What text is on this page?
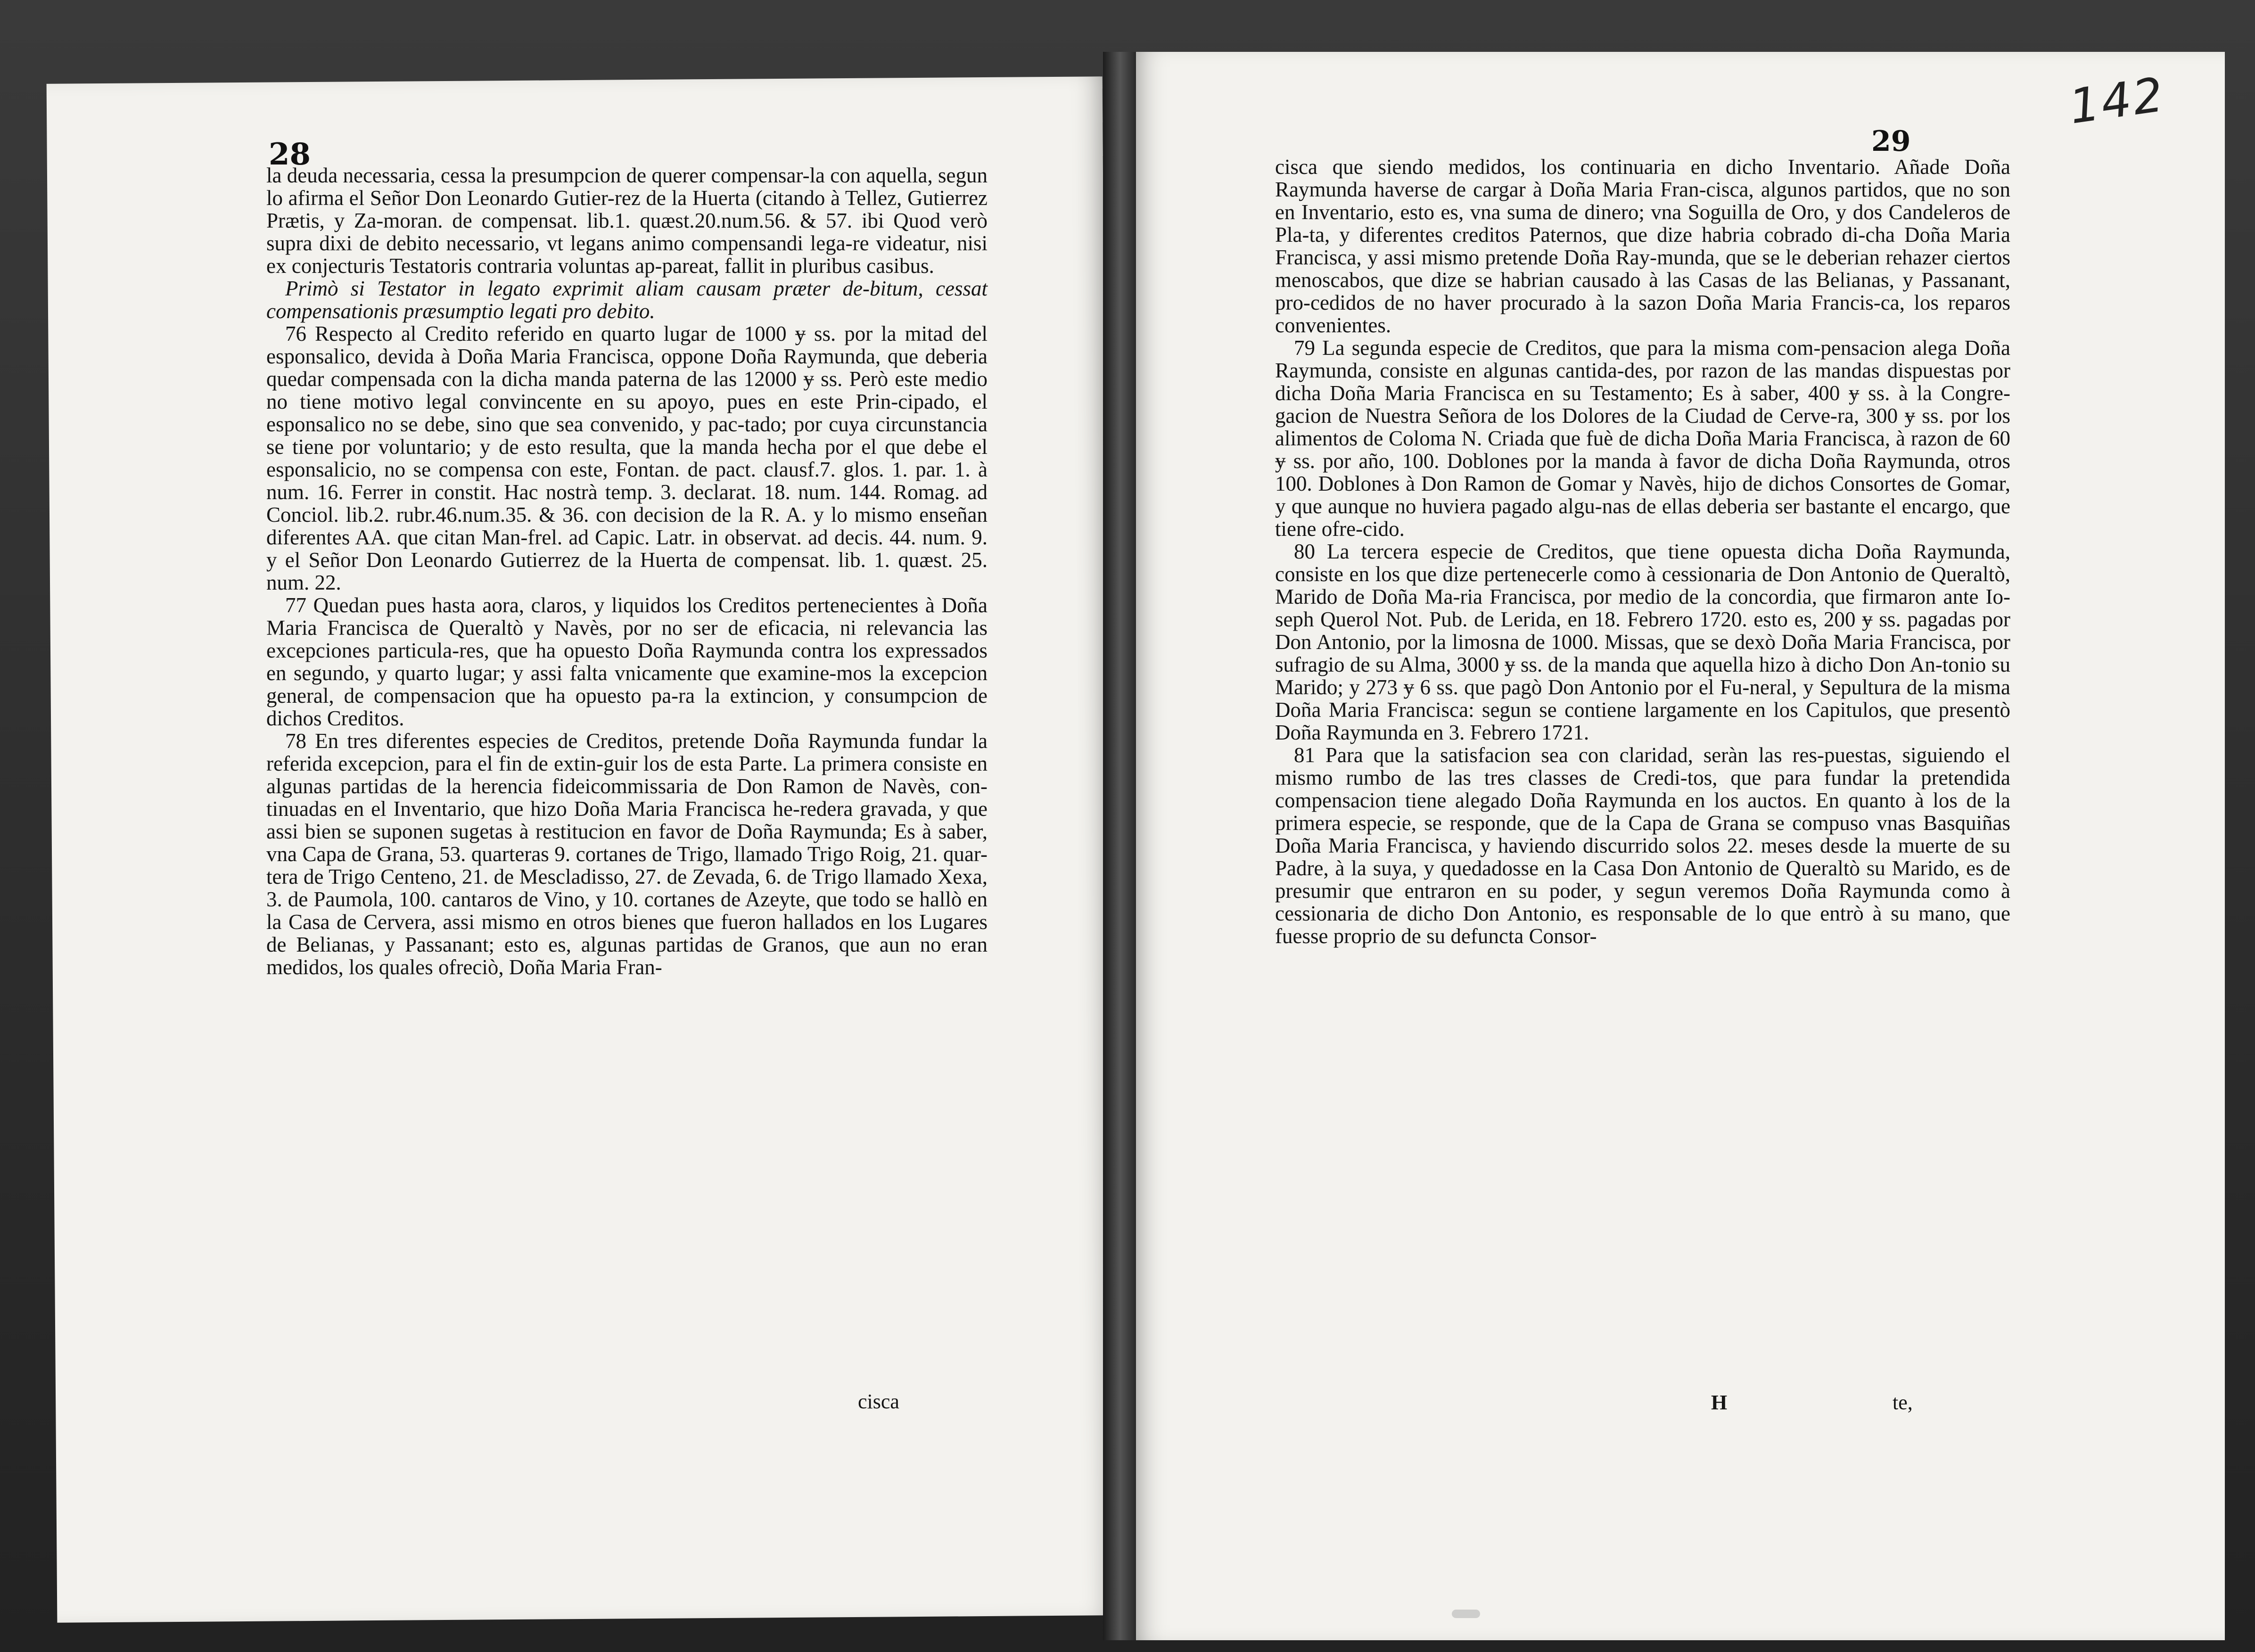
28	29
142

la deuda necessaria, cessa la presumpcion de querer compensar-la con aquella, segun lo afirma el Señor Don Leonardo Gutier-rez de la Huerta (citando à Tellez, Gutierrez Prætis, y Za-moran. de compensat. lib.1. quæst.20.num.56. & 57. ibi Quod verò supra dixi de debito necessario, vt legans animo compensandi lega-re videatur, nisi ex conjecturis Testatoris contraria voluntas ap-pareat, fallit in pluribus casibus.

Primò si Testator in legato exprimit aliam causam præter de-bitum, cessat compensationis præsumptio legati pro debito.

76 Respecto al Credito referido en quarto lugar de 1000 ɏ ss. por la mitad del esponsalico, devida à Doña Maria Francisca, oppone Doña Raymunda, que deberia quedar compensada con la dicha manda paterna de las 12000 ɏ ss. Però este medio no tiene motivo legal convincente en su apoyo, pues en este Prin-cipado, el esponsalico no se debe, sino que sea convenido, y pac-tado; por cuya circunstancia se tiene por voluntario; y de esto resulta, que la manda hecha por el que debe el esponsalicio, no se compensa con este, Fontan. de pact. clausf.7. glos. 1. par. 1. à num. 16. Ferrer in constit. Hac nostrà temp. 3. declarat. 18. num. 144. Romag. ad Conciol. lib.2. rubr.46.num.35. & 36. con decision de la R. A. y lo mismo enseñan diferentes AA. que citan Man-frel. ad Capic. Latr. in observat. ad decis. 44. num. 9. y el Señor Don Leonardo Gutierrez de la Huerta de compensat. lib. 1. quæst. 25. num. 22.

77 Quedan pues hasta aora, claros, y liquidos los Creditos pertenecientes à Doña Maria Francisca de Queraltò y Navès, por no ser de eficacia, ni relevancia las excepciones particula-res, que ha opuesto Doña Raymunda contra los expressados en segundo, y quarto lugar; y assi falta vnicamente que examine-mos la excepcion general, de compensacion que ha opuesto pa-ra la extincion, y consumpcion de dichos Creditos.

78 En tres diferentes especies de Creditos, pretende Doña Raymunda fundar la referida excepcion, para el fin de extin-guir los de esta Parte. La primera consiste en algunas partidas de la herencia fideicommissaria de Don Ramon de Navès, con-tinuadas en el Inventario, que hizo Doña Maria Francisca he-redera gravada, y que assi bien se suponen sugetas à restitucion en favor de Doña Raymunda; Es à saber, vna Capa de Grana, 53. quarteras 9. cortanes de Trigo, llamado Trigo Roig, 21. quar-tera de Trigo Centeno, 21. de Mescladisso, 27. de Zevada, 6. de Trigo llamado Xexa, 3. de Paumola, 100. cantaros de Vino, y 10. cortanes de Azeyte, que todo se hallò en la Casa de Cervera, assi mismo en otros bienes que fueron hallados en los Lugares de Belianas, y Passanant; esto es, algunas partidas de Granos, que aun no eran medidos, los quales ofreciò, Doña Maria Fran-

cisca

cisca que siendo medidos, los continuaria en dicho Inventario. Añade Doña Raymunda haverse de cargar à Doña Maria Fran-cisca, algunos partidos, que no son en Inventario, esto es, vna suma de dinero; vna Soguilla de Oro, y dos Candeleros de Pla-ta, y diferentes creditos Paternos, que dize habria cobrado di-cha Doña Maria Francisca, y assi mismo pretende Doña Ray-munda, que se le deberian rehazer ciertos menoscabos, que dize se habrian causado à las Casas de las Belianas, y Passanant, pro-cedidos de no haver procurado à la sazon Doña Maria Francis-ca, los reparos convenientes.

79 La segunda especie de Creditos, que para la misma com-pensacion alega Doña Raymunda, consiste en algunas cantida-des, por razon de las mandas dispuestas por dicha Doña Maria Francisca en su Testamento; Es à saber, 400 ɏ ss. à la Congre-gacion de Nuestra Señora de los Dolores de la Ciudad de Cerve-ra, 300 ɏ ss. por los alimentos de Coloma N. Criada que fuè de dicha Doña Maria Francisca, à razon de 60 ɏ ss. por año, 100. Doblones por la manda à favor de dicha Doña Raymunda, otros 100. Doblones à Don Ramon de Gomar y Navès, hijo de dichos Consortes de Gomar, y que aunque no huviera pagado algu-nas de ellas deberia ser bastante el encargo, que tiene ofre-cido.

80 La tercera especie de Creditos, que tiene opuesta dicha Doña Raymunda, consiste en los que dize pertenecerle como à cessionaria de Don Antonio de Queraltò, Marido de Doña Ma-ria Francisca, por medio de la concordia, que firmaron ante Io-seph Querol Not. Pub. de Lerida, en 18. Febrero 1720. esto es, 200 ɏ ss. pagadas por Don Antonio, por la limosna de 1000. Missas, que se dexò Doña Maria Francisca, por sufragio de su Alma, 3000 ɏ ss. de la manda que aquella hizo à dicho Don An-tonio su Marido; y 273 ɏ 6 ss. que pagò Don Antonio por el Fu-neral, y Sepultura de la misma Doña Maria Francisca: segun se contiene largamente en los Capitulos, que presentò Doña Raymunda en 3. Febrero 1721.

81 Para que la satisfacion sea con claridad, seràn las res-puestas, siguiendo el mismo rumbo de las tres classes de Credi-tos, que para fundar la pretendida compensacion tiene alegado Doña Raymunda en los auctos. En quanto à los de la primera especie, se responde, que de la Capa de Grana se compuso vnas Basquiñas Doña Maria Francisca, y haviendo discurrido solos 22. meses desde la muerte de su Padre, à la suya, y quedadosse en la Casa Don Antonio de Queraltò su Marido, es de presumir que entraron en su poder, y segun veremos Doña Raymunda como à cessionaria de dicho Don Antonio, es responsable de lo que entrò à su mano, que fuesse proprio de su defuncta Consor-

H	te,
